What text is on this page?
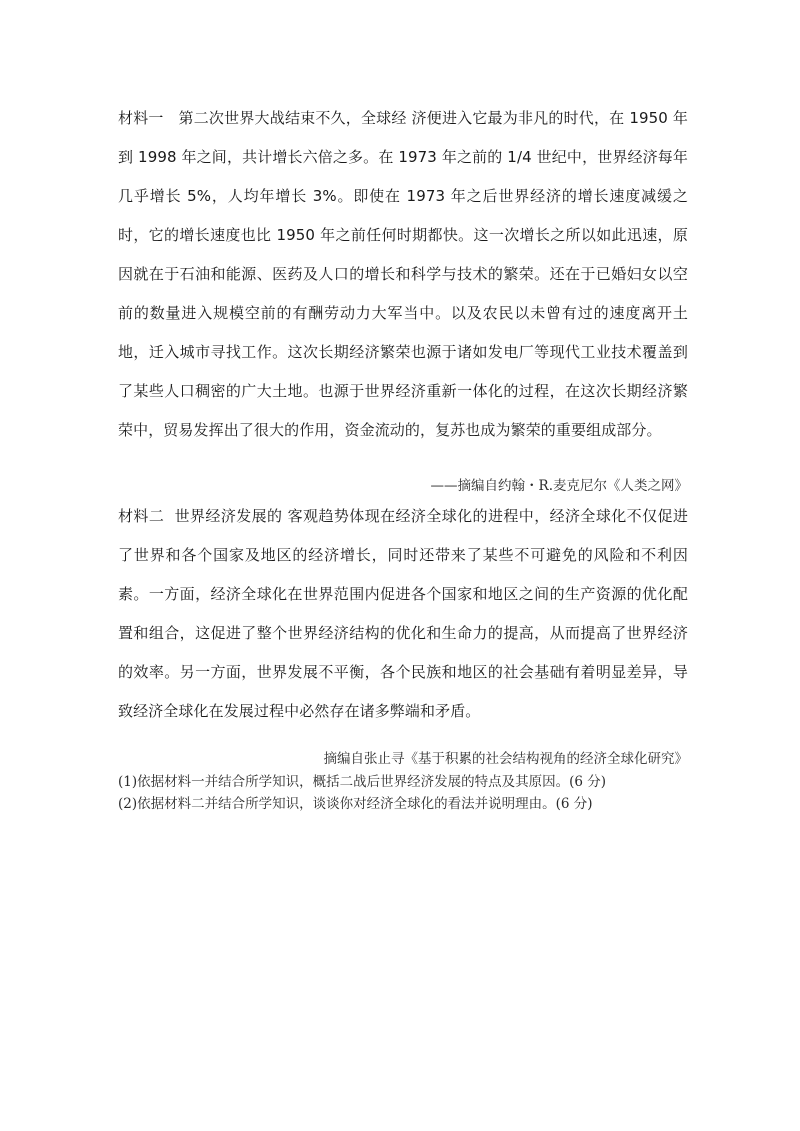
材料一 第二次世界大战结束不久，全球经 济便进入它最为非凡的时代，在 1950 年到 1998 年之间，共计增长六倍之多。在 1973 年之前的 1/4 世纪中，世界经济每年几乎增长 5%，人均年增长 3%。即使在 1973 年之后世界经济的增长速度减缓之时，它的增长速度也比 1950 年之前任何时期都快。这一次增长之所以如此迅速，原因就在于石油和能源、医药及人口的增长和科学与技术的繁荣。还在于已婚妇女以空前的数量进入规模空前的有酬劳动力大军当中。以及农民以未曾有过的速度离开土地，迁入城市寻找工作。这次长期经济繁荣也源于诸如发电厂等现代工业技术覆盖到了某些人口稠密的广大土地。也源于世界经济重新一体化的过程，在这次长期经济繁荣中，贸易发挥出了很大的作用，资金流动的，复苏也成为繁荣的重要组成部分。

——摘编自约翰・R.麦克尼尔《人类之网》

材料二 世界经济发展的 客观趋势体现在经济全球化的进程中，经济全球化不仅促进了世界和各个国家及地区的经济增长，同时还带来了某些不可避免的风险和不利因素。一方面，经济全球化在世界范围内促进各个国家和地区之间的生产资源的优化配置和组合，这促进了整个世界经济结构的优化和生命力的提高，从而提高了世界经济的效率。另一方面，世界发展不平衡，各个民族和地区的社会基础有着明显差异，导致经济全球化在发展过程中必然存在诸多弊端和矛盾。

摘编自张止寻《基于积累的社会结构视角的经济全球化研究》

(1)依据材料一并结合所学知识，概括二战后世界经济发展的特点及其原因。(6 分)

(2)依据材料二并结合所学知识，谈谈你对经济全球化的看法并说明理由。(6 分)
